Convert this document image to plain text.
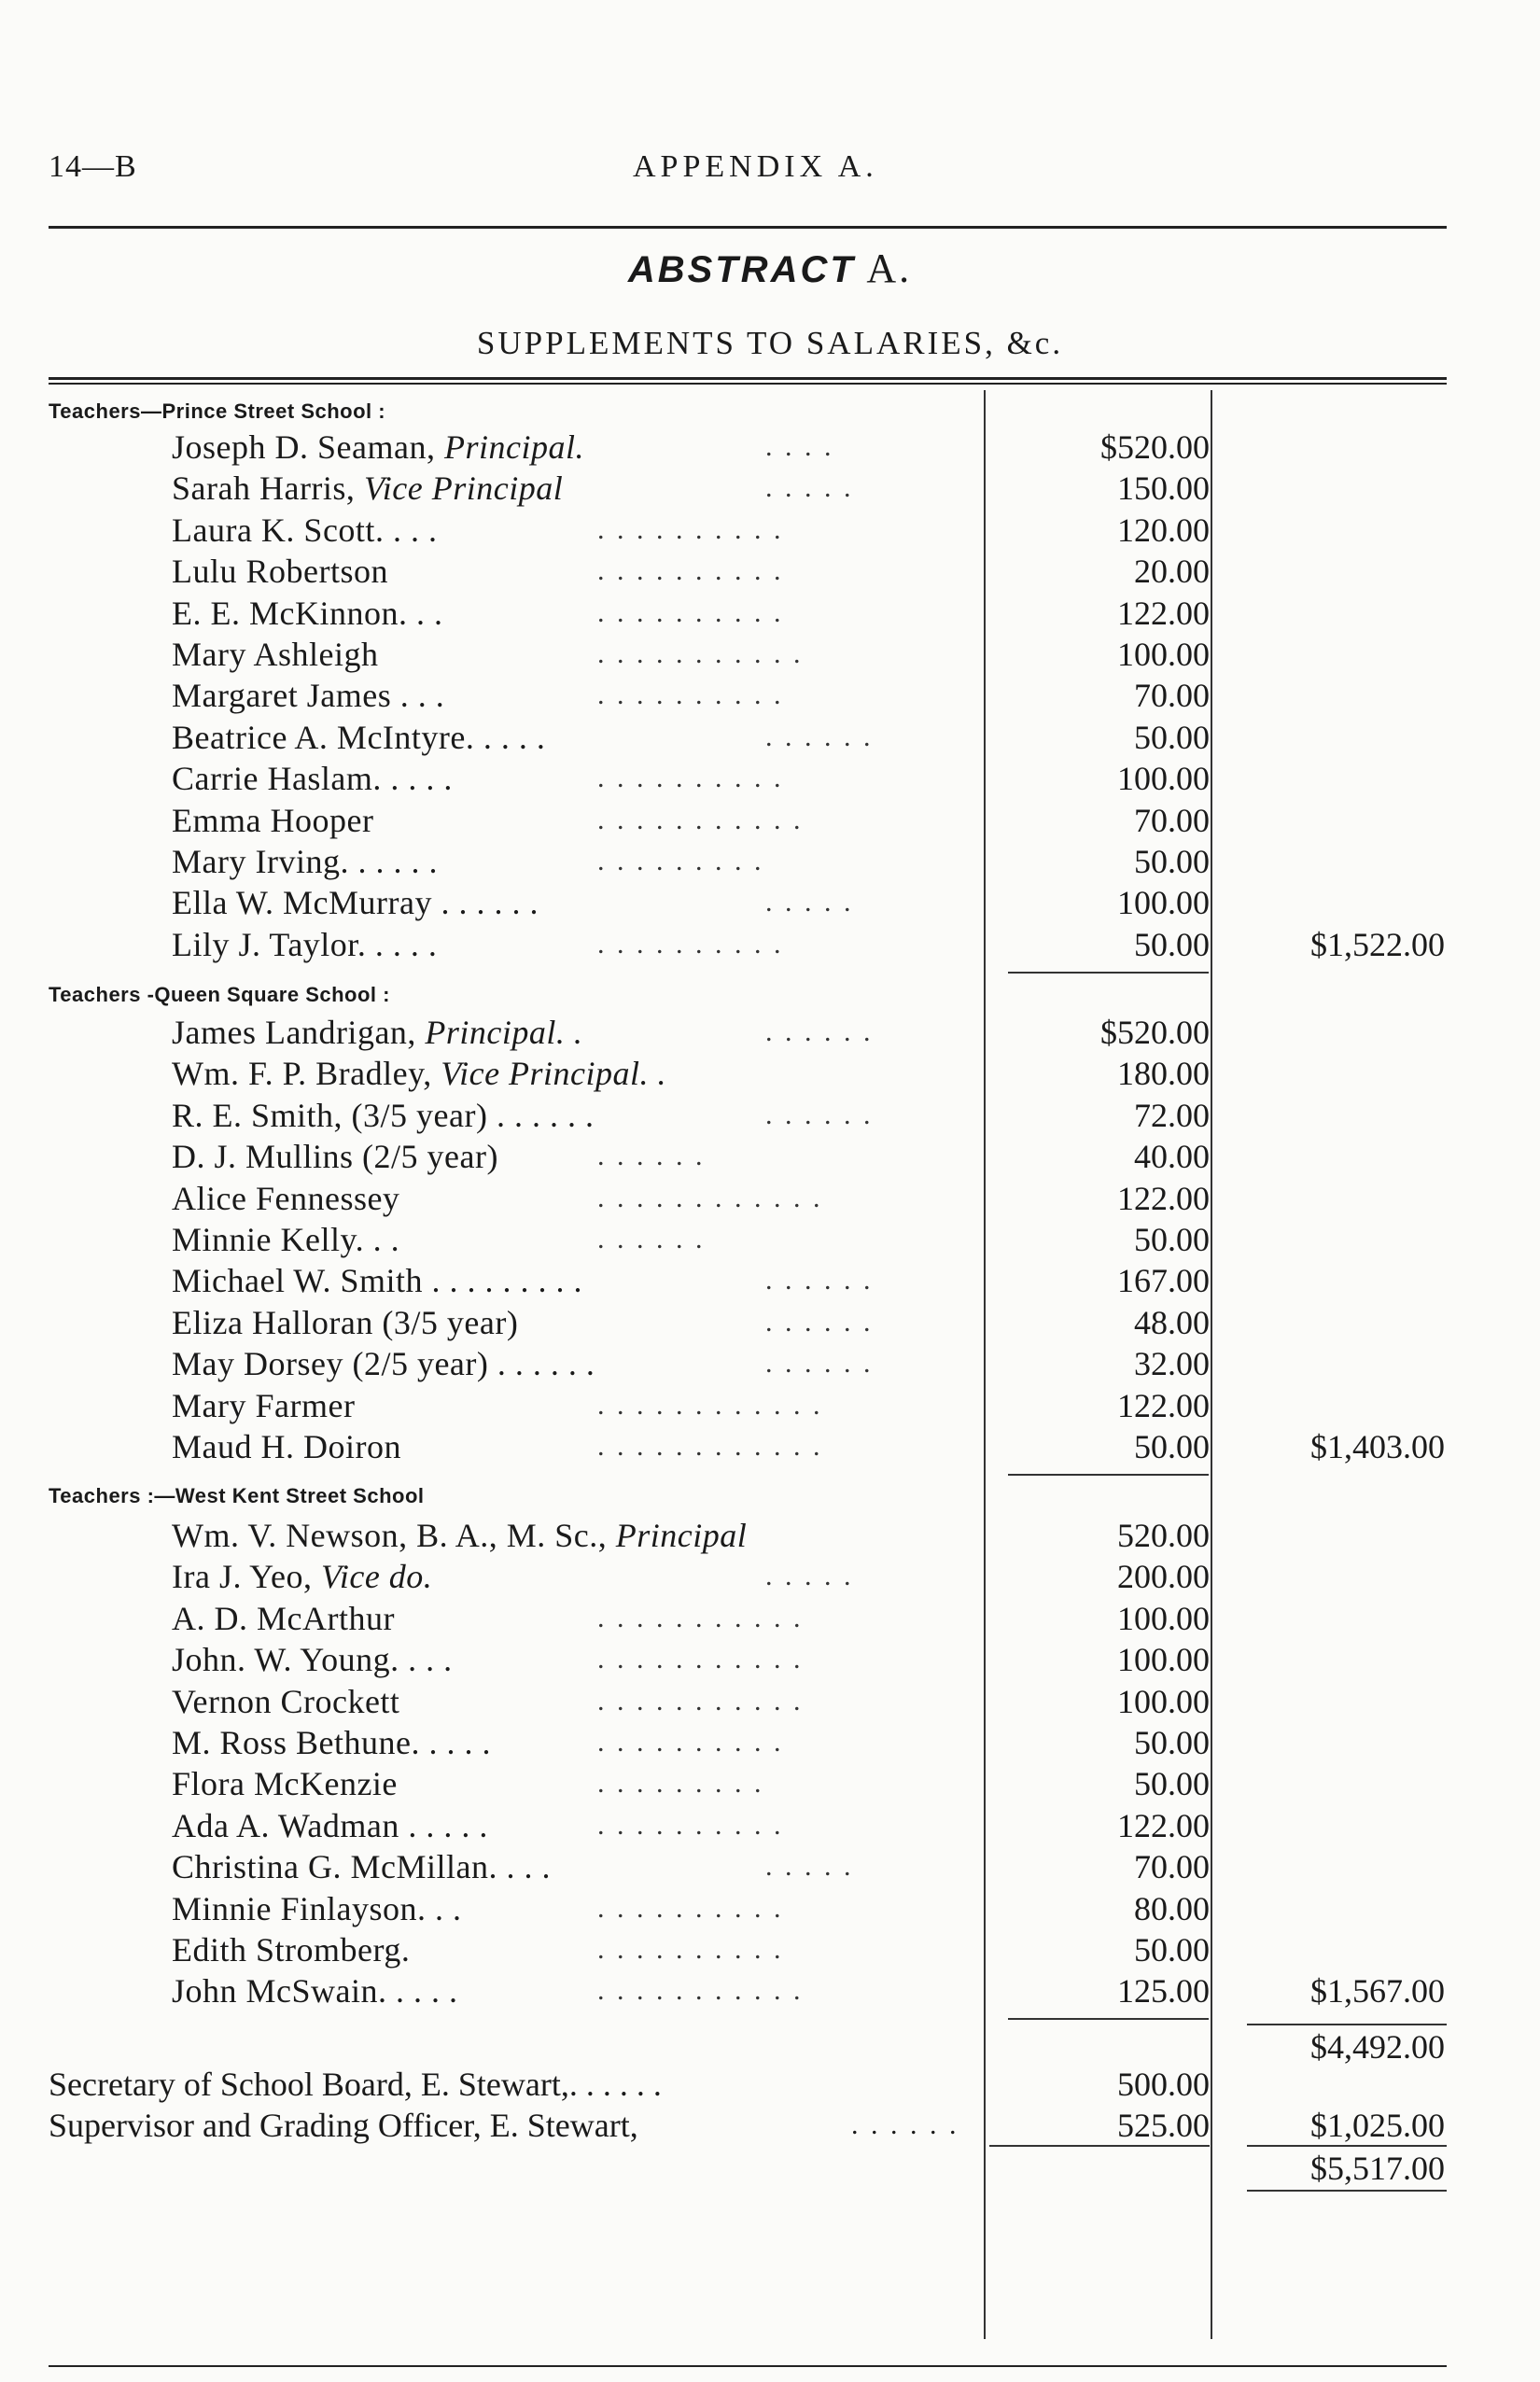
14—B	APPENDIX A.
ABSTRACT A.
SUPPLEMENTS TO SALARIES, &c.
Teachers—Prince Street School :
Joseph D. Seaman, Principal.	. . . .	$520.00
Sarah Harris, Vice Principal	. . . . .	150.00
Laura K. Scott. . . .	. . . . . . . . . .	120.00
Lulu Robertson	. . . . . . . . . .	20.00
E. E. McKinnon. . .	. . . . . . . . . .	122.00
Mary Ashleigh	. . . . . . . . . . .	100.00
Margaret James . . .	. . . . . . . . . .	70.00
Beatrice A. McIntyre. . . . .	. . . . . .	50.00
Carrie Haslam. . . . .	. . . . . . . . . .	100.00
Emma Hooper	. . . . . . . . . . .	70.00
Mary Irving. . . . . .	. . . . . . . . .	50.00
Ella W. McMurray . . . . . .	. . . . .	100.00
Lily J. Taylor. . . . .	. . . . . . . . . .	50.00	$1,522.00
Teachers -Queen Square School :
James Landrigan, Principal. .	. . . . . .	$520.00
Wm. F. P. Bradley, Vice Principal. .	180.00
R. E. Smith, (3/5 year) . . . . . .	. . . . . .	72.00
D. J. Mullins (2/5 year)	. . . . . .	40.00
Alice Fennessey	. . . . . . . . . . . .	122.00
Minnie Kelly. . .	. . . . . .	50.00
Michael W. Smith . . . . . . . . .	. . . . . .	167.00
Eliza Halloran (3/5 year)	. . . . . .	48.00
May Dorsey (2/5 year) . . . . . .	. . . . . .	32.00
Mary Farmer	. . . . . . . . . . . .	122.00
Maud H. Doiron	. . . . . . . . . . . .	50.00	$1,403.00
Teachers :—West Kent Street School
Wm. V. Newson, B. A., M. Sc., Principal	520.00
Ira J. Yeo, Vice do.	. . . . .	200.00
A. D. McArthur	. . . . . . . . . . .	100.00
John. W. Young. . . .	. . . . . . . . . . .	100.00
Vernon Crockett	. . . . . . . . . . .	100.00
M. Ross Bethune. . . . .	. . . . . . . . . .	50.00
Flora McKenzie	. . . . . . . . .	50.00
Ada A. Wadman . . . . .	. . . . . . . . . .	122.00
Christina G. McMillan. . . .	. . . . .	70.00
Minnie Finlayson. . .	. . . . . . . . . .	80.00
Edith Stromberg.	. . . . . . . . . .	50.00
John McSwain. . . . .	. . . . . . . . . . .	125.00	$1,567.00
$4,492.00
Secretary of School Board, E. Stewart,. . . . . .	500.00
Supervisor and Grading Officer, E. Stewart,	. . . . . .	525.00	$1,025.00
$5,517.00
